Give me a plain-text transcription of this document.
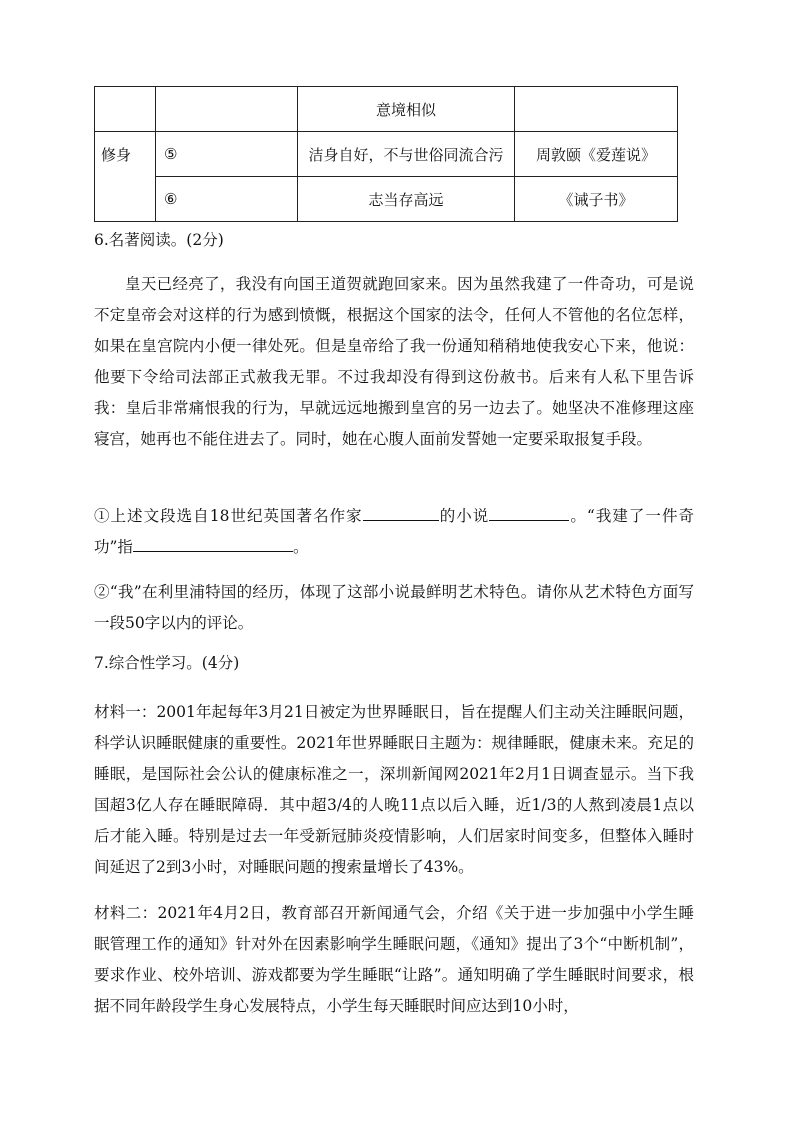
		意境相似	
修身	⑤	洁身自好，不与世俗同流合污	周敦颐《爱莲说》
	⑥	志当存高远	《诫子书》
6.名著阅读。(2分)
皇天已经亮了，我没有向国王道贺就跑回家来。因为虽然我建了一件奇功，可是说不定皇帝会对这样的行为感到愤慨，根据这个国家的法令，任何人不管他的名位怎样，如果在皇宫院内小便一律处死。但是皇帝给了我一份通知稍稍地使我安心下来，他说：他要下令给司法部正式赦我无罪。不过我却没有得到这份赦书。后来有人私下里告诉我：皇后非常痛恨我的行为，早就远远地搬到皇宫的另一边去了。她坚决不准修理这座寝宫，她再也不能住进去了。同时，她在心腹人面前发誓她一定要采取报复手段。
①上述文段选自18世纪英国著名作家	的小说	。“我建了一件奇功”指	。
②“我”在利里浦特国的经历，体现了这部小说最鲜明艺术特色。请你从艺术特色方面写一段50字以内的评论。
7.综合性学习。(4分)
材料一：2001年起每年3月21日被定为世界睡眠日，旨在提醒人们主动关注睡眠问题，科学认识睡眠健康的重要性。2021年世界睡眠日主题为：规律睡眠，健康未来。充足的睡眠，是国际社会公认的健康标准之一，深圳新闻网2021年2月1日调查显示。当下我国超3亿人存在睡眠障碍．其中超3/4的人晚11点以后入睡，近1/3的人熬到凌晨1点以后才能入睡。特别是过去一年受新冠肺炎疫情影响，人们居家时间变多，但整体入睡时间延迟了2到3小时，对睡眠问题的搜索量增长了43%。
材料二：2021年4月2日，教育部召开新闻通气会，介绍《关于进一步加强中小学生睡眠管理工作的通知》针对外在因素影响学生睡眠问题，《通知》提出了3个“中断机制”，要求作业、校外培训、游戏都要为学生睡眠“让路”。通知明确了学生睡眠时间要求，根据不同年龄段学生身心发展特点，小学生每天睡眠时间应达到10小时，
